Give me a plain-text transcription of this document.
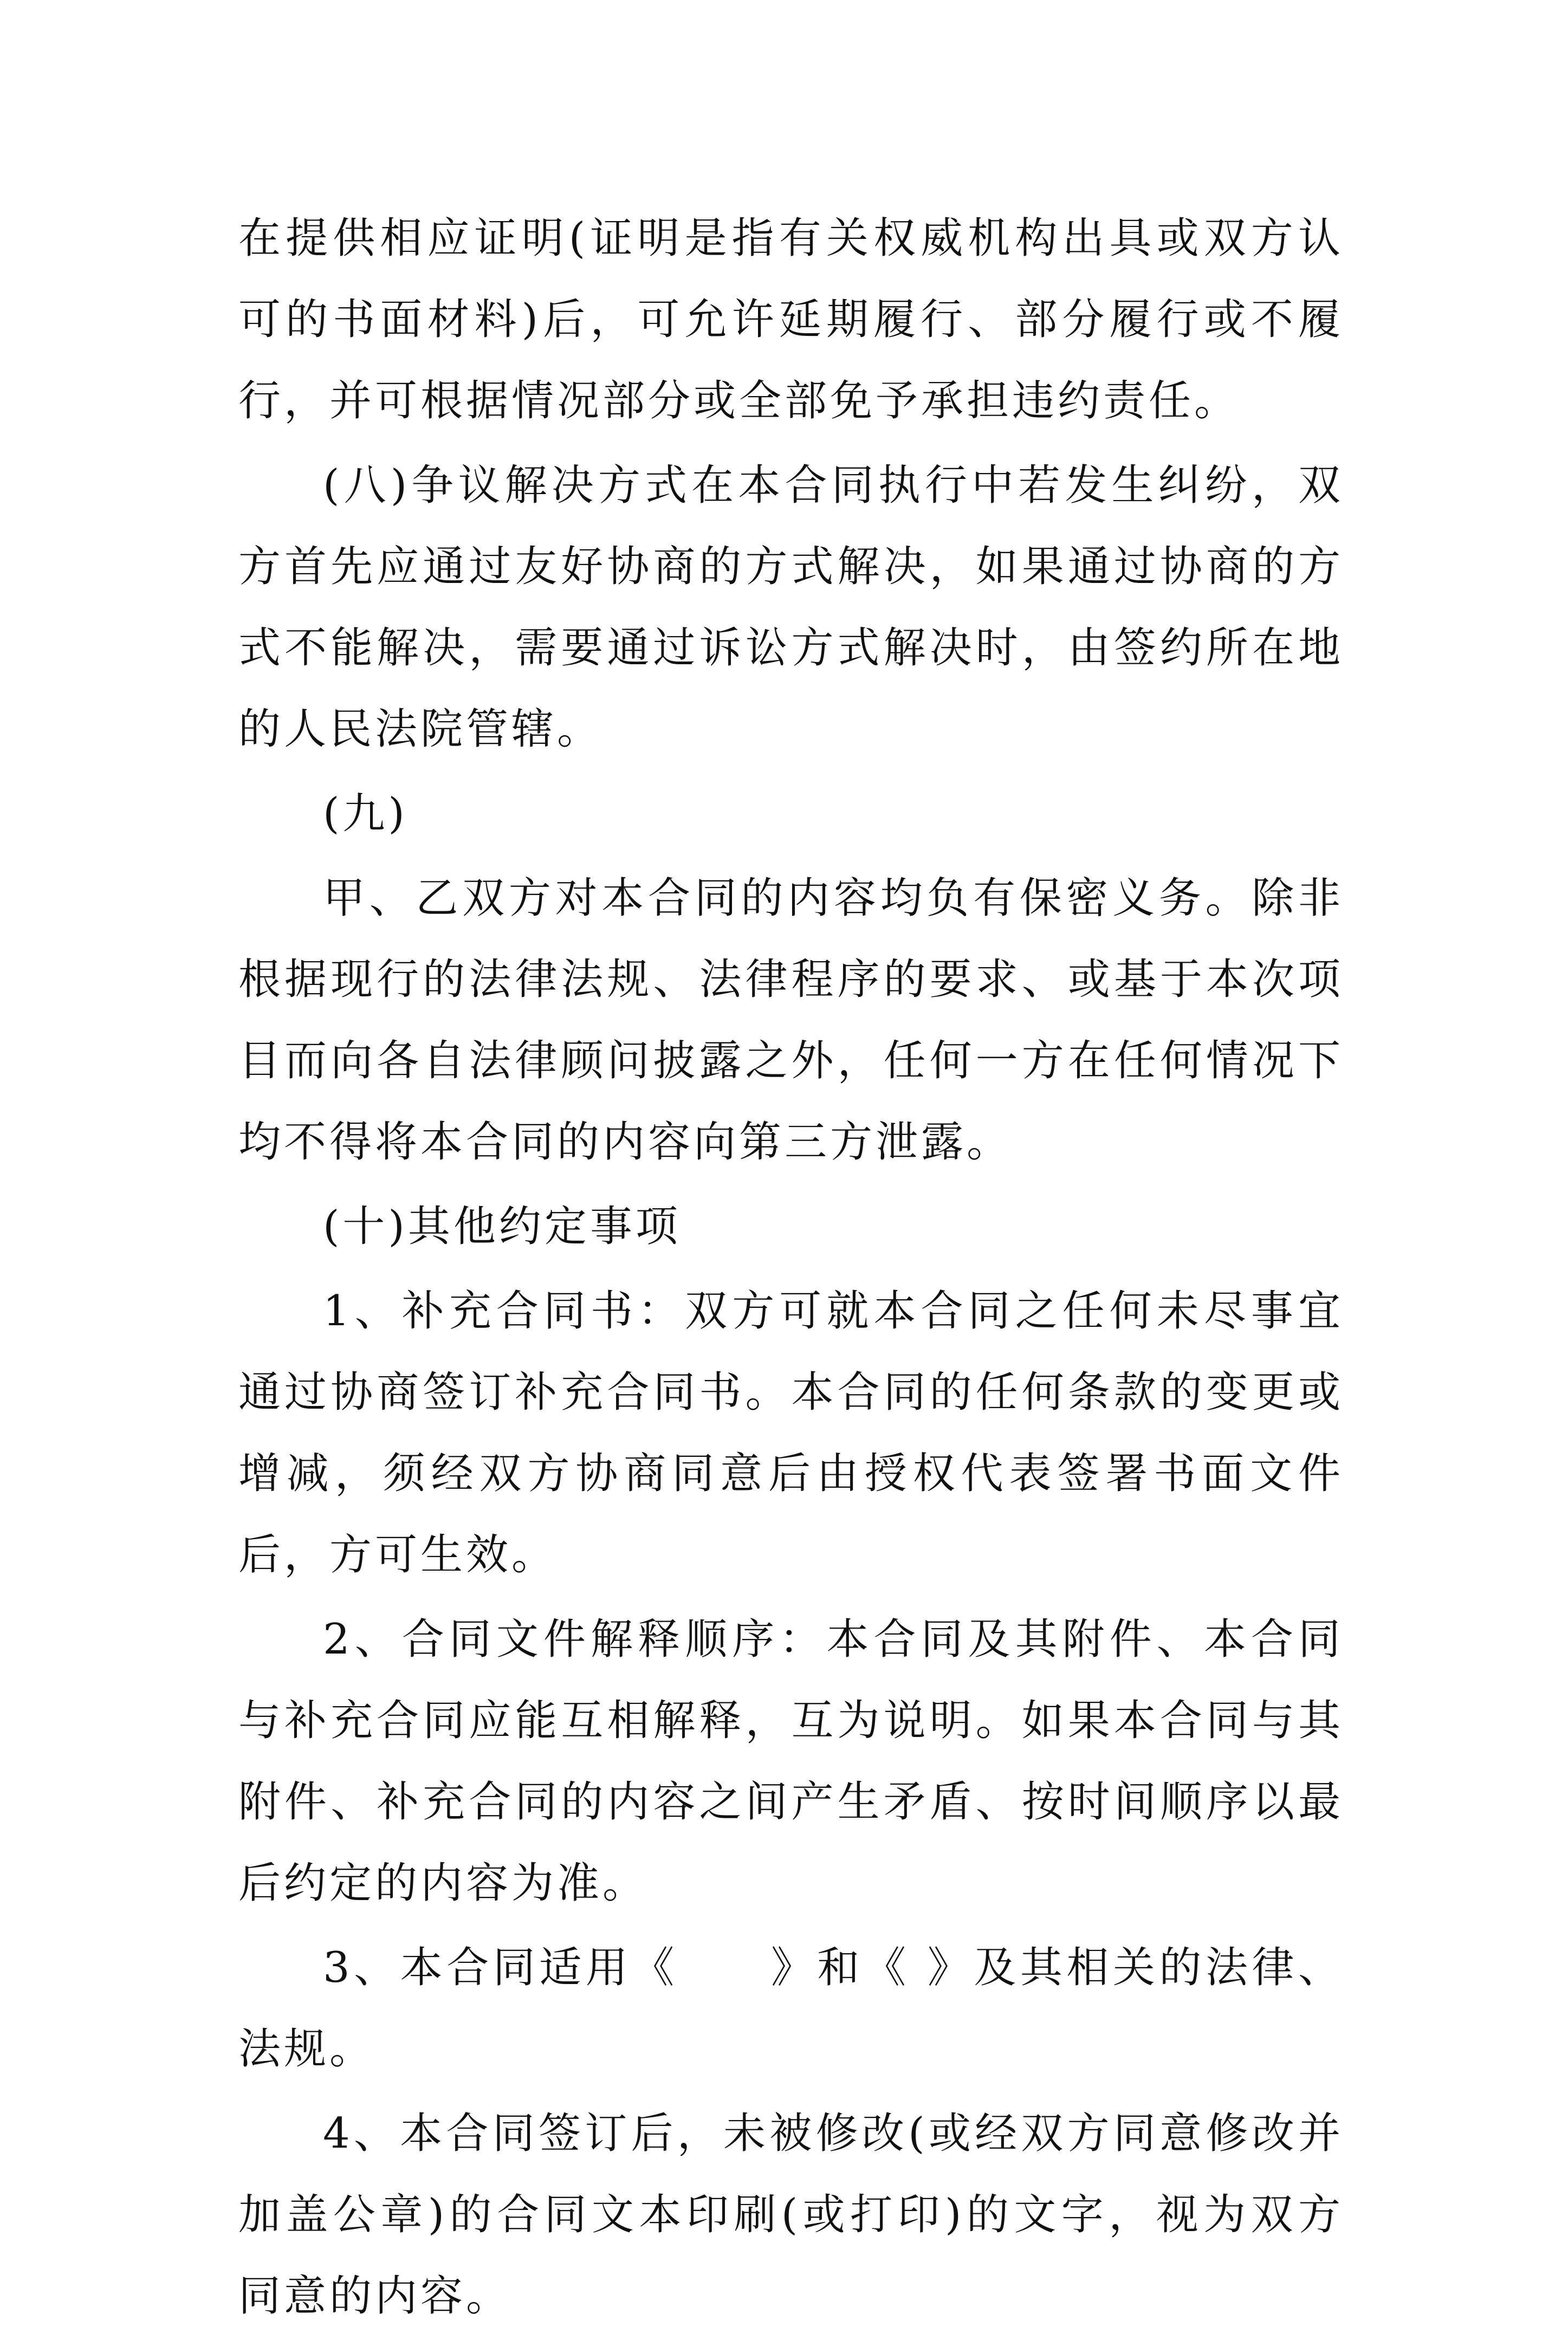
在提供相应证明(证明是指有关权威机构出具或双方认可的书面材料)后，可允许延期履行、部分履行或不履行，并可根据情况部分或全部免予承担违约责任。

(八)争议解决方式在本合同执行中若发生纠纷，双方首先应通过友好协商的方式解决，如果通过协商的方式不能解决，需要通过诉讼方式解决时，由签约所在地的人民法院管辖。

(九)

甲、乙双方对本合同的内容均负有保密义务。除非根据现行的法律法规、法律程序的要求、或基于本次项目而向各自法律顾问披露之外，任何一方在任何情况下均不得将本合同的内容向第三方泄露。

(十)其他约定事项

1、补充合同书：双方可就本合同之任何未尽事宜通过协商签订补充合同书。本合同的任何条款的变更或增减，须经双方协商同意后由授权代表签署书面文件后，方可生效。

2、合同文件解释顺序：本合同及其附件、本合同与补充合同应能互相解释，互为说明。如果本合同与其附件、补充合同的内容之间产生矛盾、按时间顺序以最后约定的内容为准。

3、本合同适用《　　》和《 》及其相关的法律、法规。

4、本合同签订后，未被修改(或经双方同意修改并加盖公章)的合同文本印刷(或打印)的文字，视为双方同意的内容。
